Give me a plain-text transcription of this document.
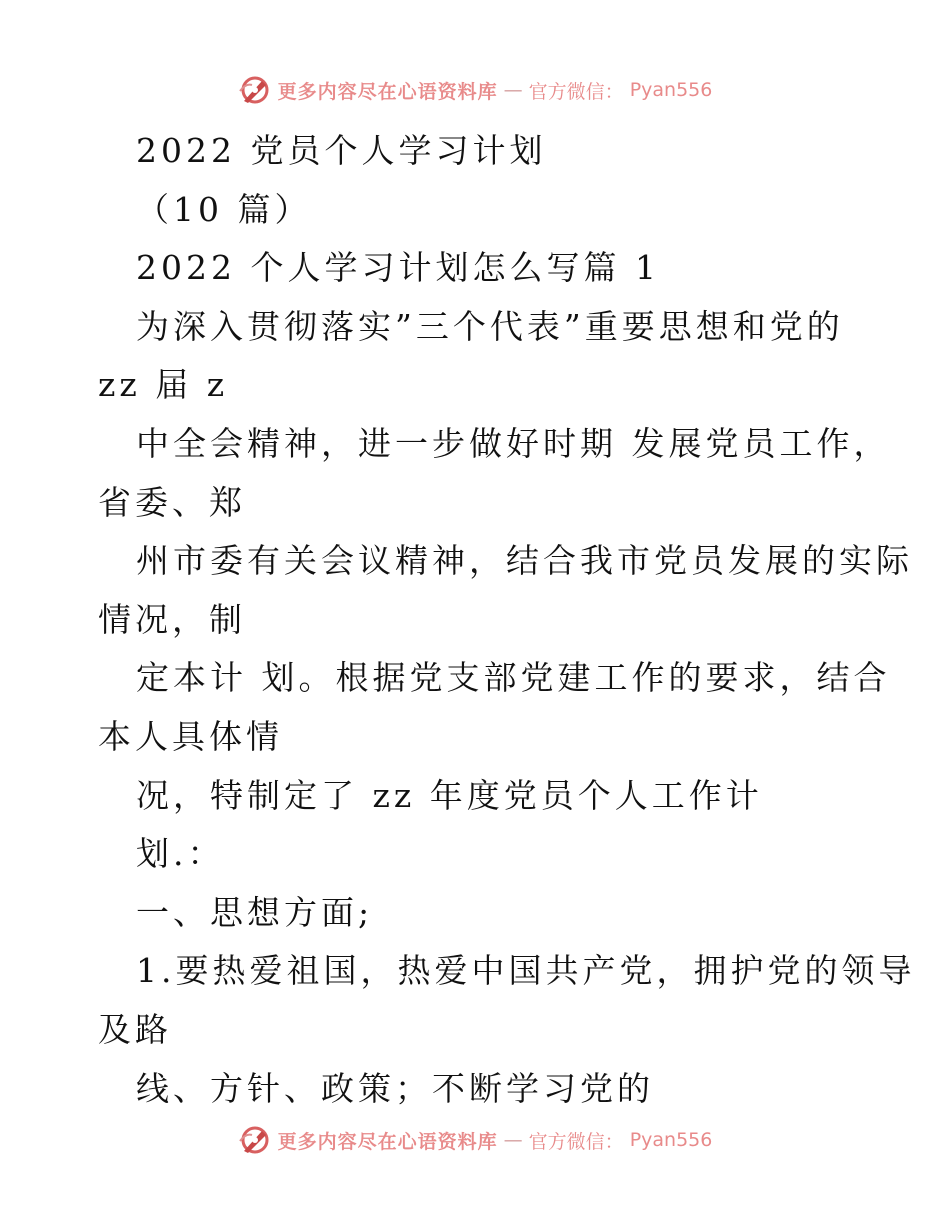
更多内容尽在心语资料库 — 官方微信： Pyan556
2022 党员个人学习计划
（10 篇）
2022 个人学习计划怎么写篇 1
为深入贯彻落实”三个代表”重要思想和党的
zz 届 z
中全会精神，进一步做好时期 发展党员工作，
省委、郑
州市委有关会议精神，结合我市党员发展的实际
情况，制
定本计 划。根据党支部党建工作的要求，结合
本人具体情
况，特制定了 zz 年度党员个人工作计
划.：
一、思想方面;
1.要热爱祖国，热爱中国共产党，拥护党的领导
及路
线、方针、政策；不断学习党的
更多内容尽在心语资料库 — 官方微信： Pyan556
